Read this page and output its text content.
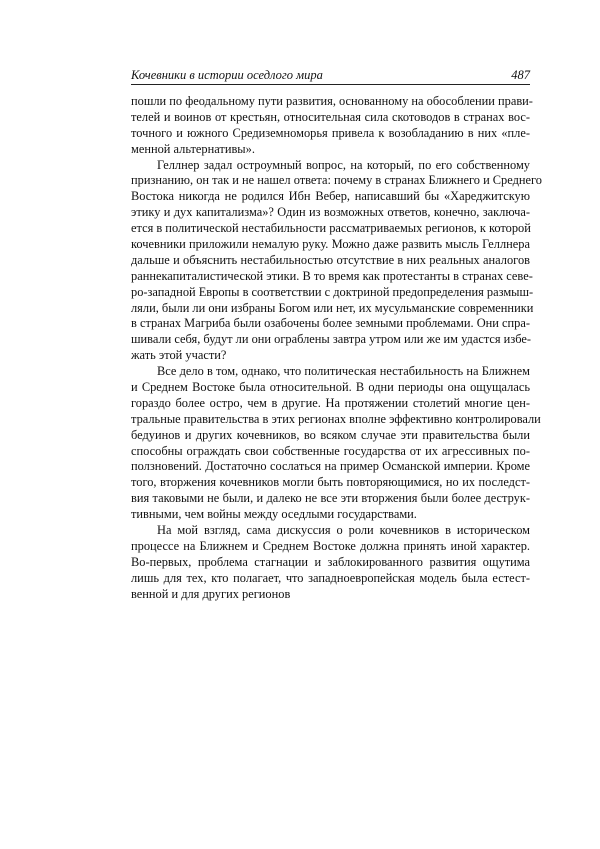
Кочевники в истории оседлого мира	487
пошли по феодальному пути развития, основанному на обособлении прави-
телей и воинов от крестьян, относительная сила скотоводов в странах вос-
точного и южного Средиземноморья привела к возобладанию в них «пле-
менной альтернативы».
Геллнер задал остроумный вопрос, на который, по его собственному
признанию, он так и не нашел ответа: почему в странах Ближнего и Среднего
Востока никогда не родился Ибн Вебер, написавший бы «Хареджитскую
этику и дух капитализма»? Один из возможных ответов, конечно, заключа-
ется в политической нестабильности рассматриваемых регионов, к которой
кочевники приложили немалую руку. Можно даже развить мысль Геллнера
дальше и объяснить нестабильностью отсутствие в них реальных аналогов
раннекапиталистической этики. В то время как протестанты в странах севе-
ро-западной Европы в соответствии с доктриной предопределения размыш-
ляли, были ли они избраны Богом или нет, их мусульманские современники
в странах Магриба были озабочены более земными проблемами. Они спра-
шивали себя, будут ли они ограблены завтра утром или же им удастся избе-
жать этой участи?
Все дело в том, однако, что политическая нестабильность на Ближнем
и Среднем Востоке была относительной. В одни периоды она ощущалась
гораздо более остро, чем в другие. На протяжении столетий многие цен-
тральные правительства в этих регионах вполне эффективно контролировали
бедуинов и других кочевников, во всяком случае эти правительства были
способны ограждать свои собственные государства от их агрессивных по-
ползновений. Достаточно сослаться на пример Османской империи. Кроме
того, вторжения кочевников могли быть повторяющимися, но их последст-
вия таковыми не были, и далеко не все эти вторжения были более деструк-
тивными, чем войны между оседлыми государствами.
На мой взгляд, сама дискуссия о роли кочевников в историческом
процессе на Ближнем и Среднем Востоке должна принять иной характер.
Во-первых, проблема стагнации и заблокированного развития ощутима
лишь для тех, кто полагает, что западноевропейская модель была естест-
венной и для других регионов
